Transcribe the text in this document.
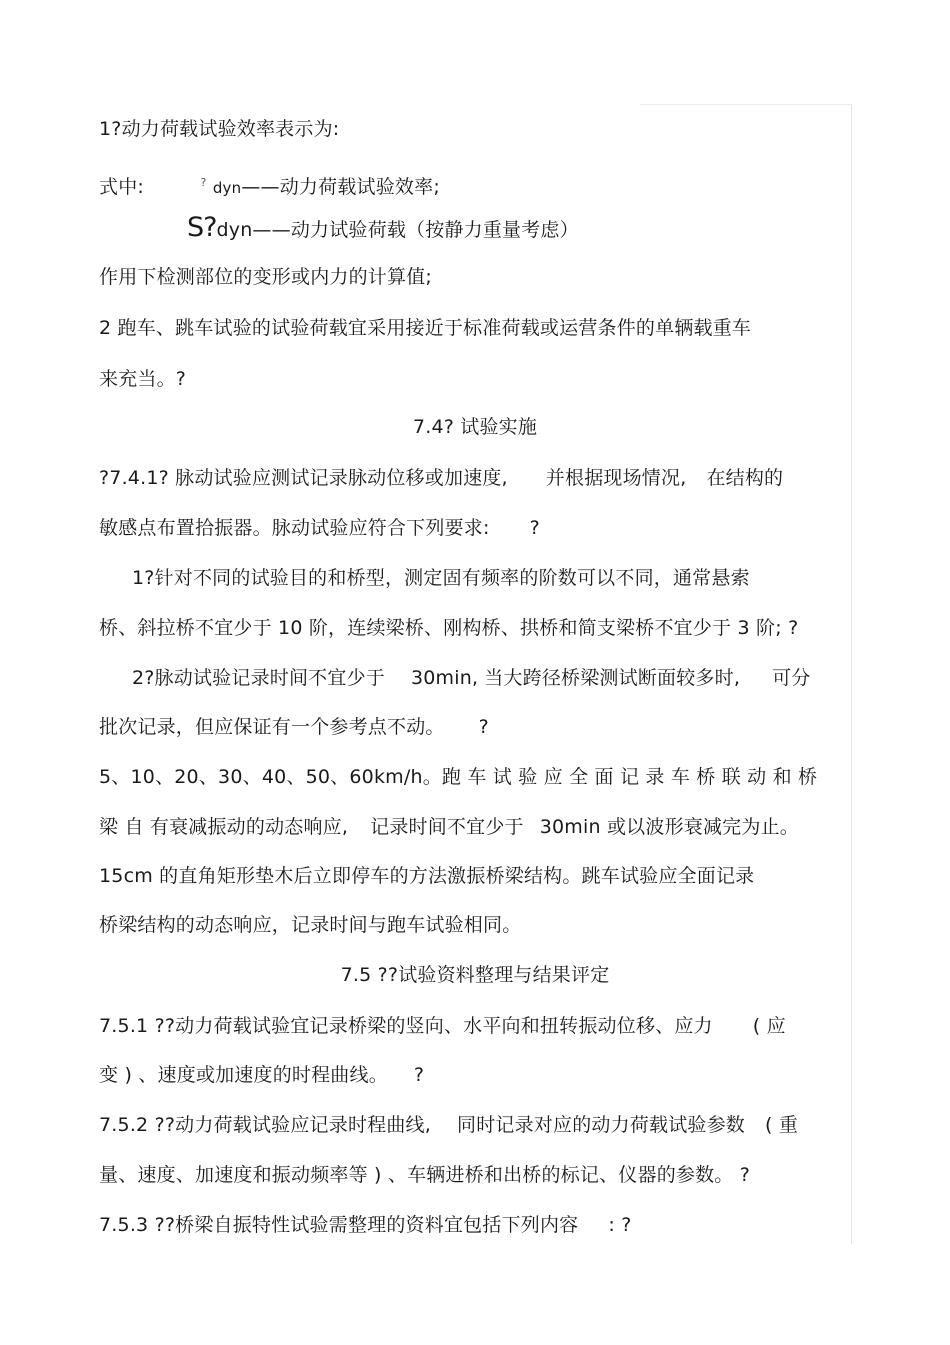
1?动力荷载试验效率表示为:
式中:	? dyn——动力荷载试验效率;
S?dyn——动力试验荷载（按静力重量考虑）
作用下检测部位的变形或内力的计算值;
2 跑车、跳车试验的试验荷载宜采用接近于标准荷载或运营条件的单辆载重车
来充当。?
7.4? 试验实施
?7.4.1? 脉动试验应测试记录脉动位移或加速度, 并根据现场情况, 在结构的
敏感点布置拾振器。脉动试验应符合下列要求: ?
1?针对不同的试验目的和桥型，测定固有频率的阶数可以不同，通常悬索
桥、斜拉桥不宜少于 10 阶，连续梁桥、刚构桥、拱桥和简支梁桥不宜少于 3 阶; ?
2?脉动试验记录时间不宜少于 30min, 当大跨径桥梁测试断面较多时, 可分
批次记录，但应保证有一个参考点不动。 ?
5、10、20、30、40、50、60km/h。跑 车 试 验 应 全 面 记 录 车 桥 联 动 和 桥
梁 自 有衰减振动的动态响应, 记录时间不宜少于 30min 或以波形衰减完为止。
15cm 的直角矩形垫木后立即停车的方法激振桥梁结构。跳车试验应全面记录
桥梁结构的动态响应，记录时间与跑车试验相同。
7.5 ??试验资料整理与结果评定
7.5.1 ??动力荷载试验宜记录桥梁的竖向、水平向和扭转振动位移、应力 ( 应
变 ) 、速度或加速度的时程曲线。 ?
7.5.2 ??动力荷载试验应记录时程曲线, 同时记录对应的动力荷载试验参数 ( 重
量、速度、加速度和振动频率等 ) 、车辆进桥和出桥的标记、仪器的参数。 ?
7.5.3 ??桥梁自振特性试验需整理的资料宜包括下列内容 : ?
